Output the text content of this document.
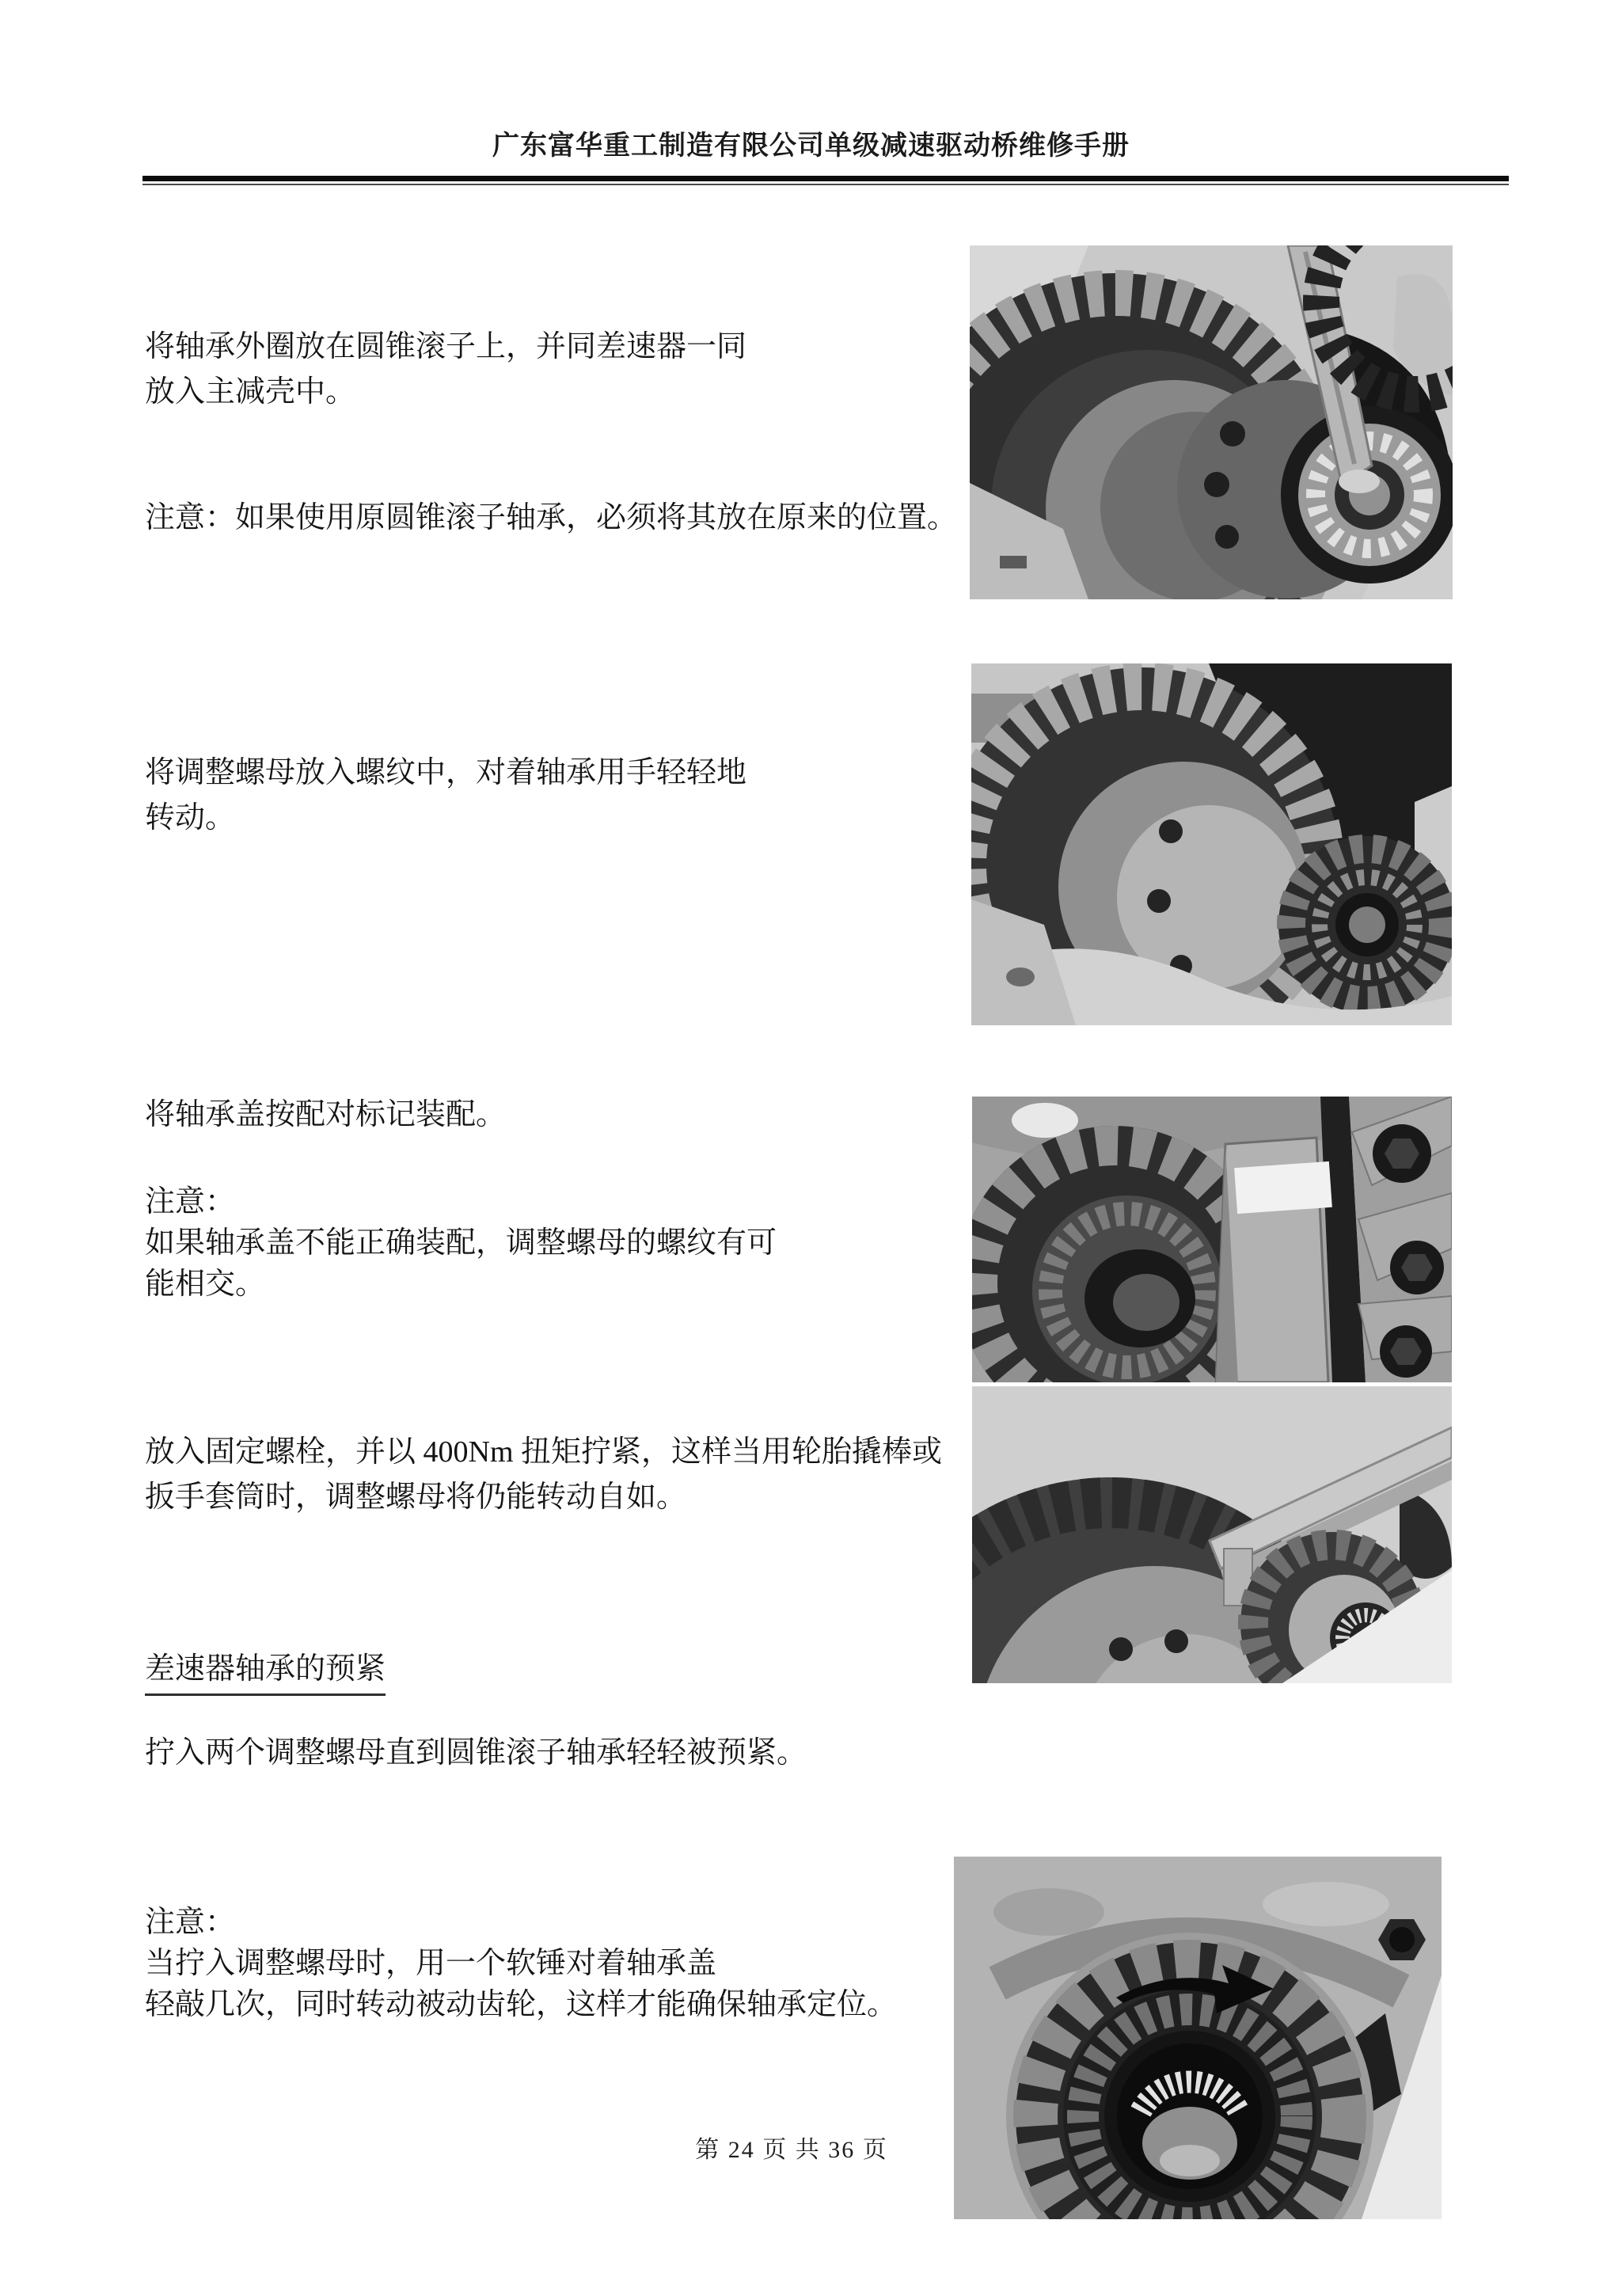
广东富华重工制造有限公司单级减速驱动桥维修手册
将轴承外圈放在圆锥滚子上，并同差速器一同
放入主减壳中。
注意：如果使用原圆锥滚子轴承，必须将其放在原来的位置。
将调整螺母放入螺纹中，对着轴承用手轻轻地
转动。
将轴承盖按配对标记装配。
注意：
如果轴承盖不能正确装配，调整螺母的螺纹有可
能相交。
放入固定螺栓，并以 400Nm 扭矩拧紧，这样当用轮胎撬棒或
扳手套筒时，调整螺母将仍能转动自如。
差速器轴承的预紧
拧入两个调整螺母直到圆锥滚子轴承轻轻被预紧。
注意：
当拧入调整螺母时，用一个软锤对着轴承盖
轻敲几次，同时转动被动齿轮，这样才能确保轴承定位。
第 24 页 共 36 页
